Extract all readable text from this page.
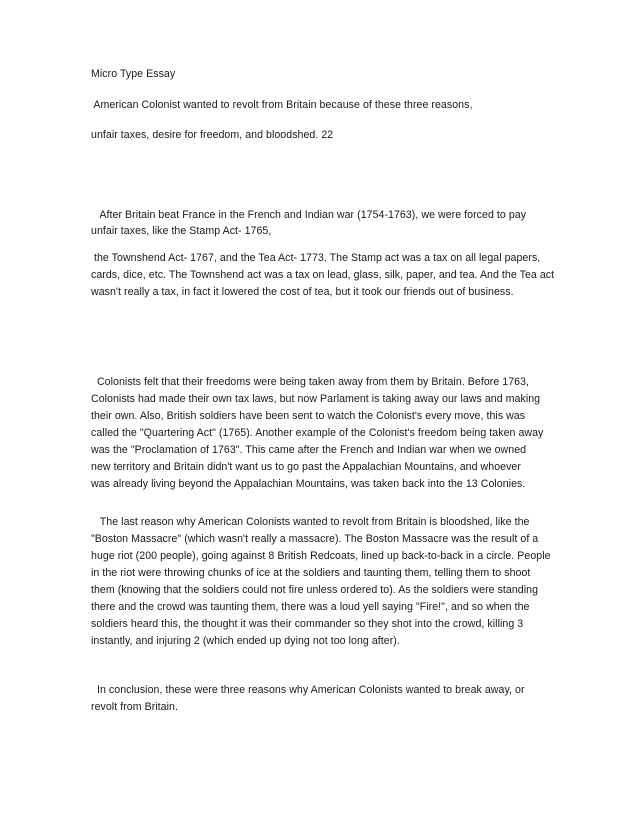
Micro Type Essay
American Colonist wanted to revolt from Britain because of these three reasons,
unfair taxes, desire for freedom, and bloodshed. 22
After Britain beat France in the French and Indian war (1754-1763), we were forced to pay
unfair taxes, like the Stamp Act- 1765,
the Townshend Act- 1767, and the Tea Act- 1773. The Stamp act was a tax on all legal papers,
cards, dice, etc. The Townshend act was a tax on lead, glass, silk, paper, and tea. And the Tea act
wasn't really a tax, in fact it lowered the cost of tea, but it took our friends out of business.
Colonists felt that their freedoms were being taken away from them by Britain. Before 1763,
Colonists had made their own tax laws, but now Parlament is taking away our laws and making
their own. Also, British soldiers have been sent to watch the Colonist's every move, this was
called the "Quartering Act" (1765). Another example of the Colonist's freedom being taken away
was the "Proclamation of 1763". This came after the French and Indian war when we owned
new territory and Britain didn't want us to go past the Appalachian Mountains, and whoever
was already living beyond the Appalachian Mountains, was taken back into the 13 Colonies.
The last reason why American Colonists wanted to revolt from Britain is bloodshed, like the
"Boston Massacre" (which wasn't really a massacre). The Boston Massacre was the result of a
huge riot (200 people), going against 8 British Redcoats, lined up back-to-back in a circle. People
in the riot were throwing chunks of ice at the soldiers and taunting them, telling them to shoot
them (knowing that the soldiers could not fire unless ordered to). As the soldiers were standing
there and the crowd was taunting them, there was a loud yell saying "Fire!", and so when the
soldiers heard this, the thought it was their commander so they shot into the crowd, killing 3
instantly, and injuring 2 (which ended up dying not too long after).
In conclusion, these were three reasons why American Colonists wanted to break away, or
revolt from Britain.
